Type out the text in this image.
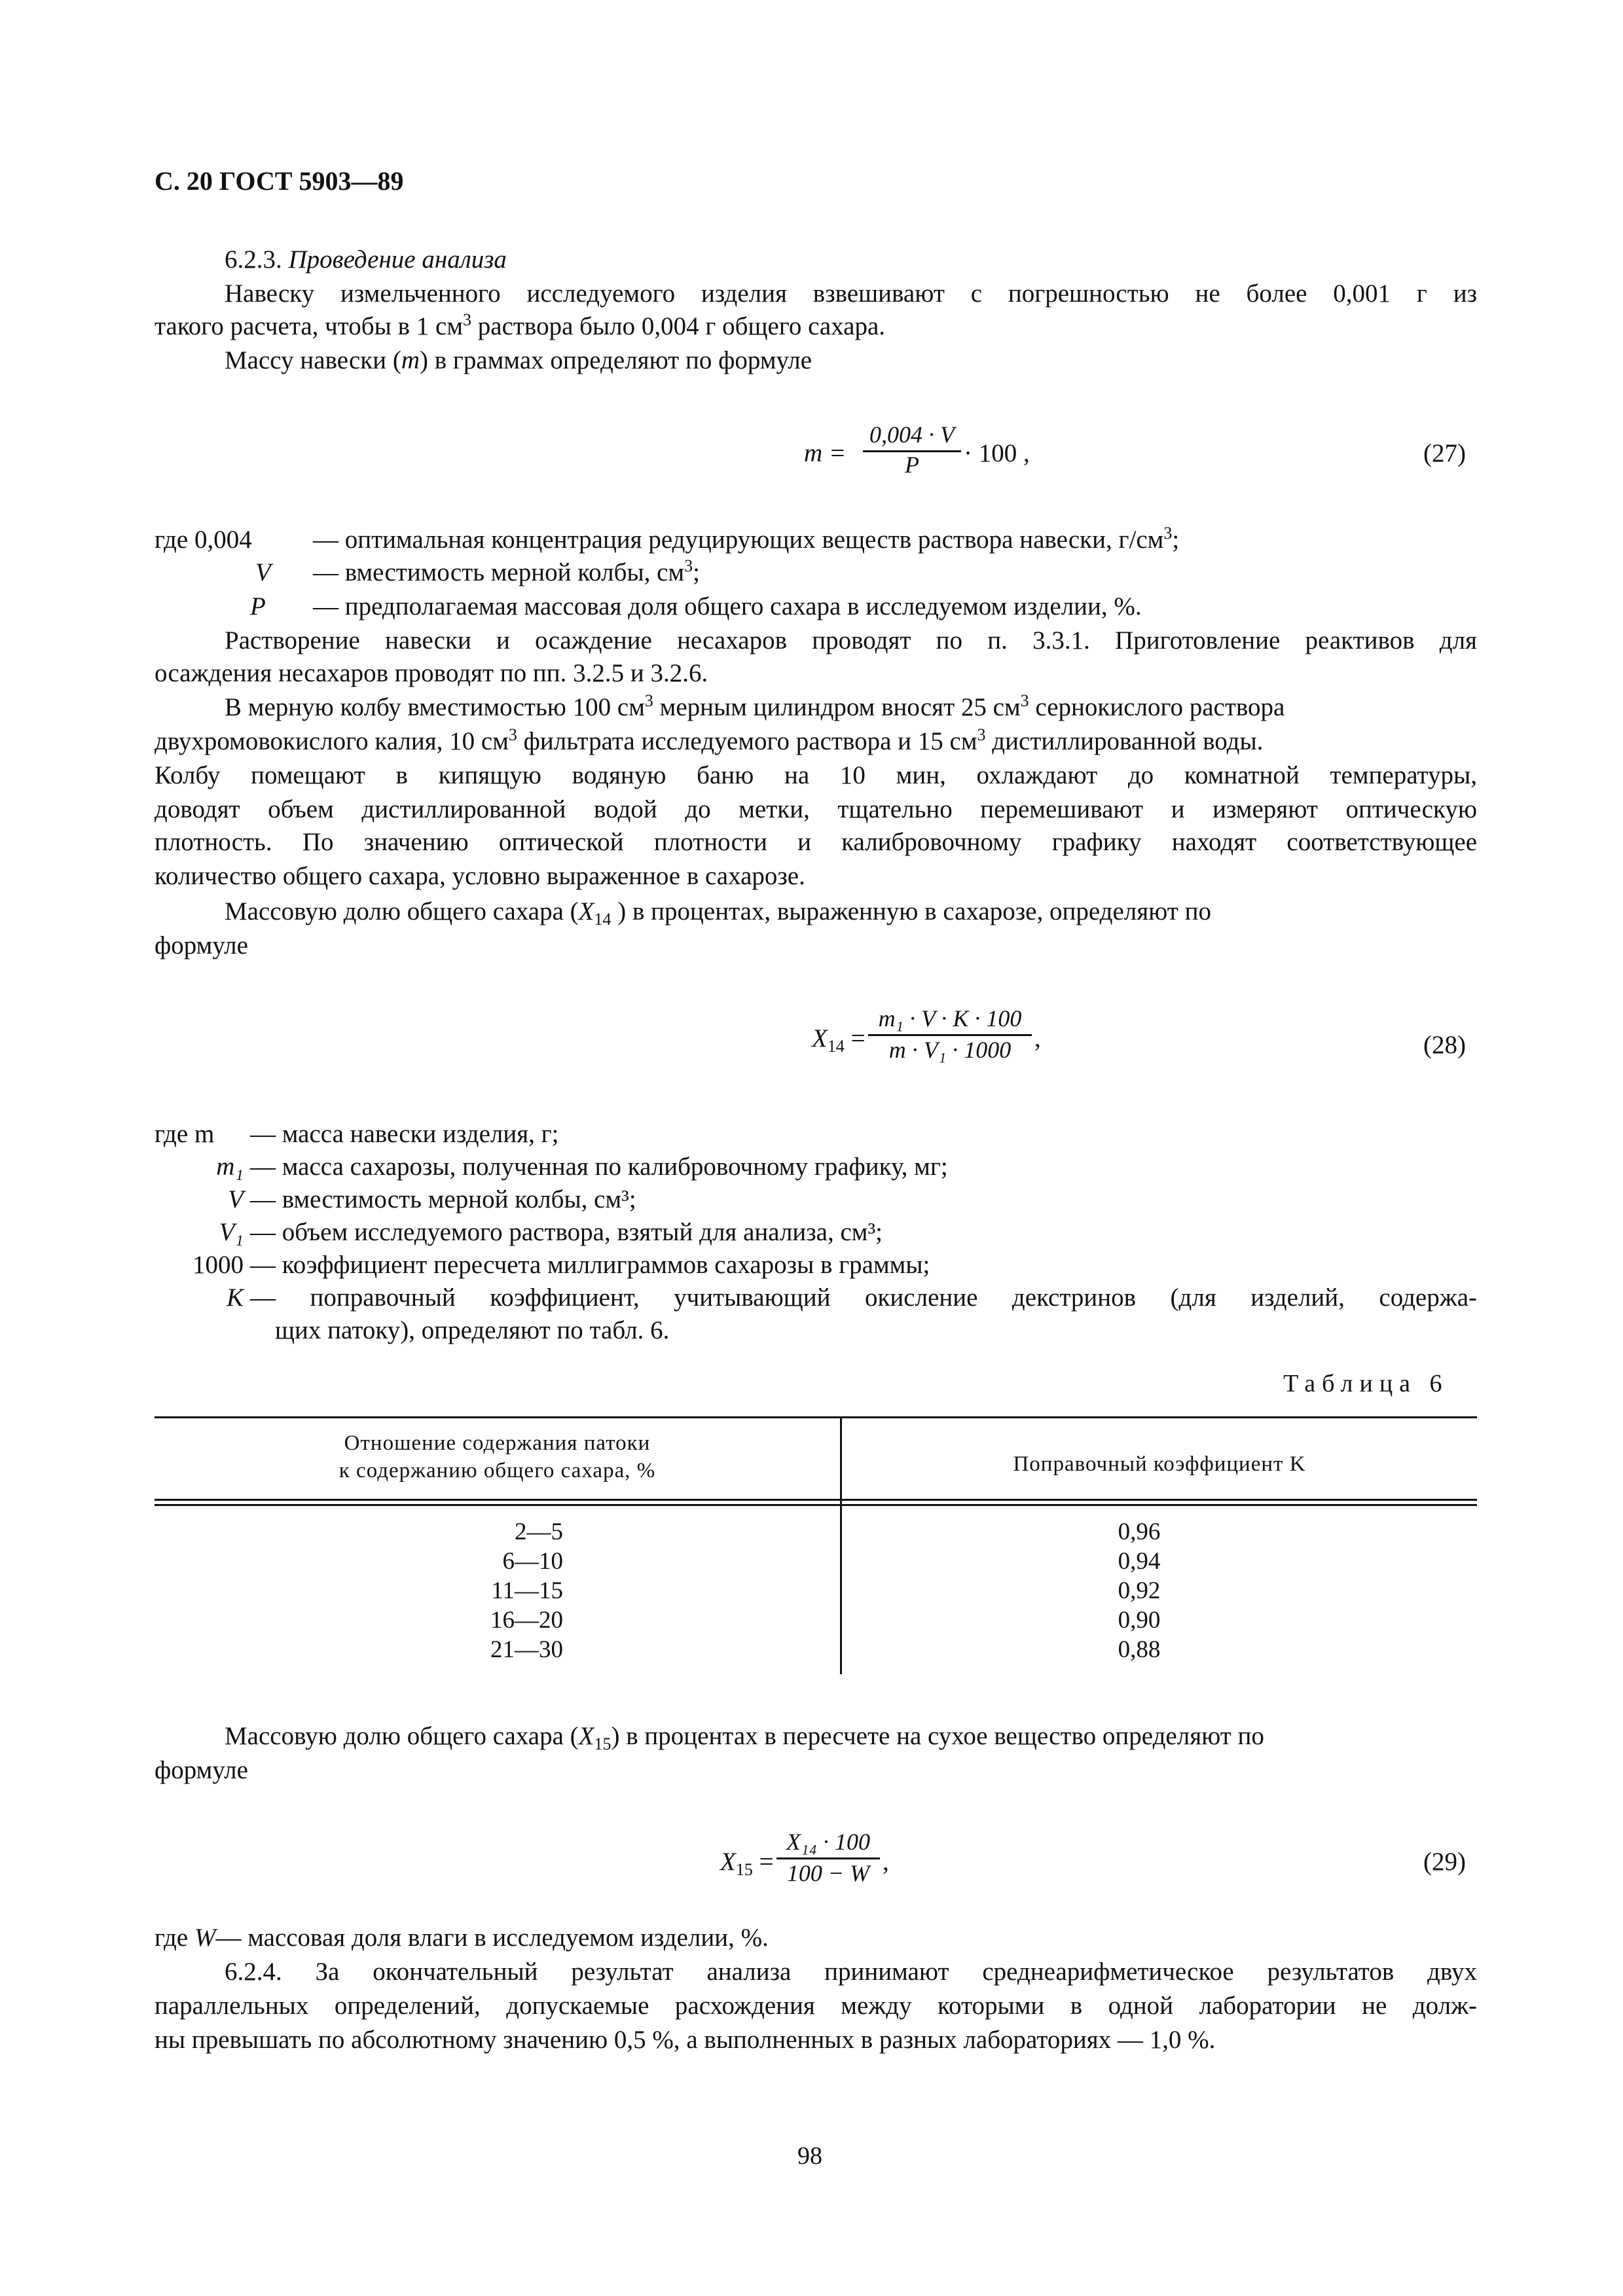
С. 20 ГОСТ 5903—89
6.2.3. Проведение анализа
Навеску измельченного исследуемого изделия взвешивают с погрешностью не более 0,001 г из
такого расчета, чтобы в 1 $см^3$ раствора было 0,004 г общего сахара.
Массу навески (m) в граммах определяют по формуле
m =
0,004 · V
P	· 100 ,	(27)
где 0,004 — оптимальная концентрация редуцирующих веществ раствора навески, $г/см^3$;
V — вместимость мерной колбы, $см^3$;
P — предполагаемая массовая доля общего сахара в исследуемом изделии, %.
Растворение навески и осаждение несахаров проводят по п. 3.3.1. Приготовление реактивов для
осаждения несахаров проводят по пп. 3.2.5 и 3.2.6.
В мерную колбу вместимостью 100 $см^3$ мерным цилиндром вносят 25 $см^3$ сернокислого раствора
двухромовокислого калия, 10 $см^3$ фильтрата исследуемого раствора и 15 $см^3$ дистиллированной воды.
Колбу помещают в кипящую водяную баню на 10 мин, охлаждают до комнатной температуры,
доводят объем дистиллированной водой до метки, тщательно перемешивают и измеряют оптическую
плотность. По значению оптической плотности и калибровочному графику находят соответствующее
количество общего сахара, условно выраженное в сахарозе.
Массовую долю общего сахара ($X_{14}$ ) в процентах, выраженную в сахарозе, определяют по
формуле
$X_{14}$ =
m₁ · V · K · 100
m · V₁ · 1000 ,	(28)
где m	— масса навески изделия, г;
m₁ — масса сахарозы, полученная по калибровочному графику, мг;
V — вместимость мерной колбы, см³;
V₁ — объем исследуемого раствора, взятый для анализа, см³;
1000 — коэффициент пересчета миллиграммов сахарозы в граммы;
K — поправочный коэффициент, учитывающий окисление декстринов (для изделий, содержа-
щих патоку), определяют по табл. 6.
Таблица 6
Отношение содержания патоки
к содержанию общего сахара, %	Поправочный коэффициент K
2—5	0,96
6—10	0,94
11—15	0,92
16—20	0,90
21—30	0,88
Массовую долю общего сахара $(X_{15})$ в процентах в пересчете на сухое вещество определяют по
формуле
$X_{15}$ =
X₁₄ · 100
100 − W ,	(29)
где W— массовая доля влаги в исследуемом изделии, %.
6.2.4. За окончательный результат анализа принимают среднеарифметическое результатов двух
параллельных определений, допускаемые расхождения между которыми в одной лаборатории не долж-
ны превышать по абсолютному значению 0,5 %, а выполненных в разных лабораториях — 1,0 %.
98
